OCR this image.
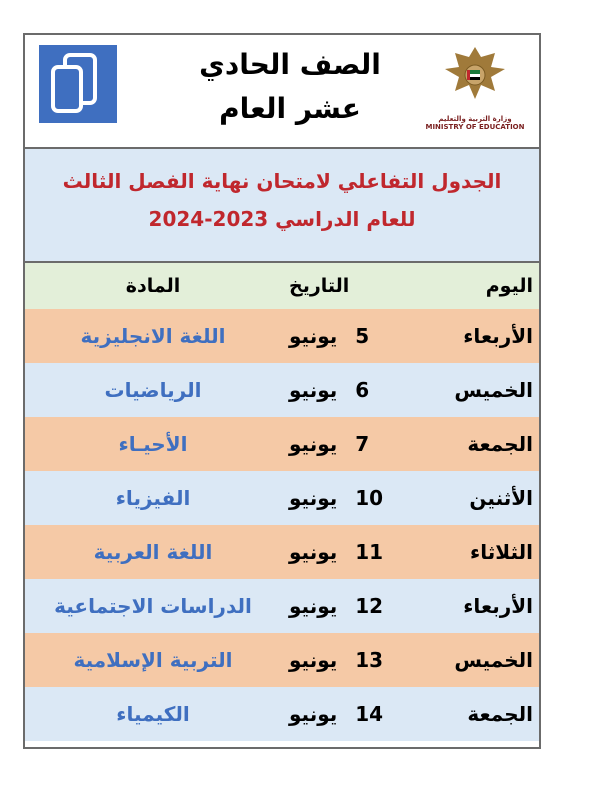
الصف الحادي
عشر العام	وزارة التربية والتعليم
MINISTRY OF EDUCATION
الجدول التفاعلي لامتحان نهاية الفصل الثالث
للعام الدراسي 2023-2024
اليوم
التاريخ
المادة
الأربعاء
5
يونيو
اللغة الانجليزية
الخميس
6
يونيو
الرياضيات
الجمعة
7
يونيو
الأحيـاء
الأثنين
10
يونيو
الفيزياء
الثلاثاء
11
يونيو
اللغة العربية
الأربعاء
12
يونيو
الدراسات الاجتماعية
الخميس
13
يونيو
التربية الإسلامية
الجمعة
14
يونيو
الكيمياء
